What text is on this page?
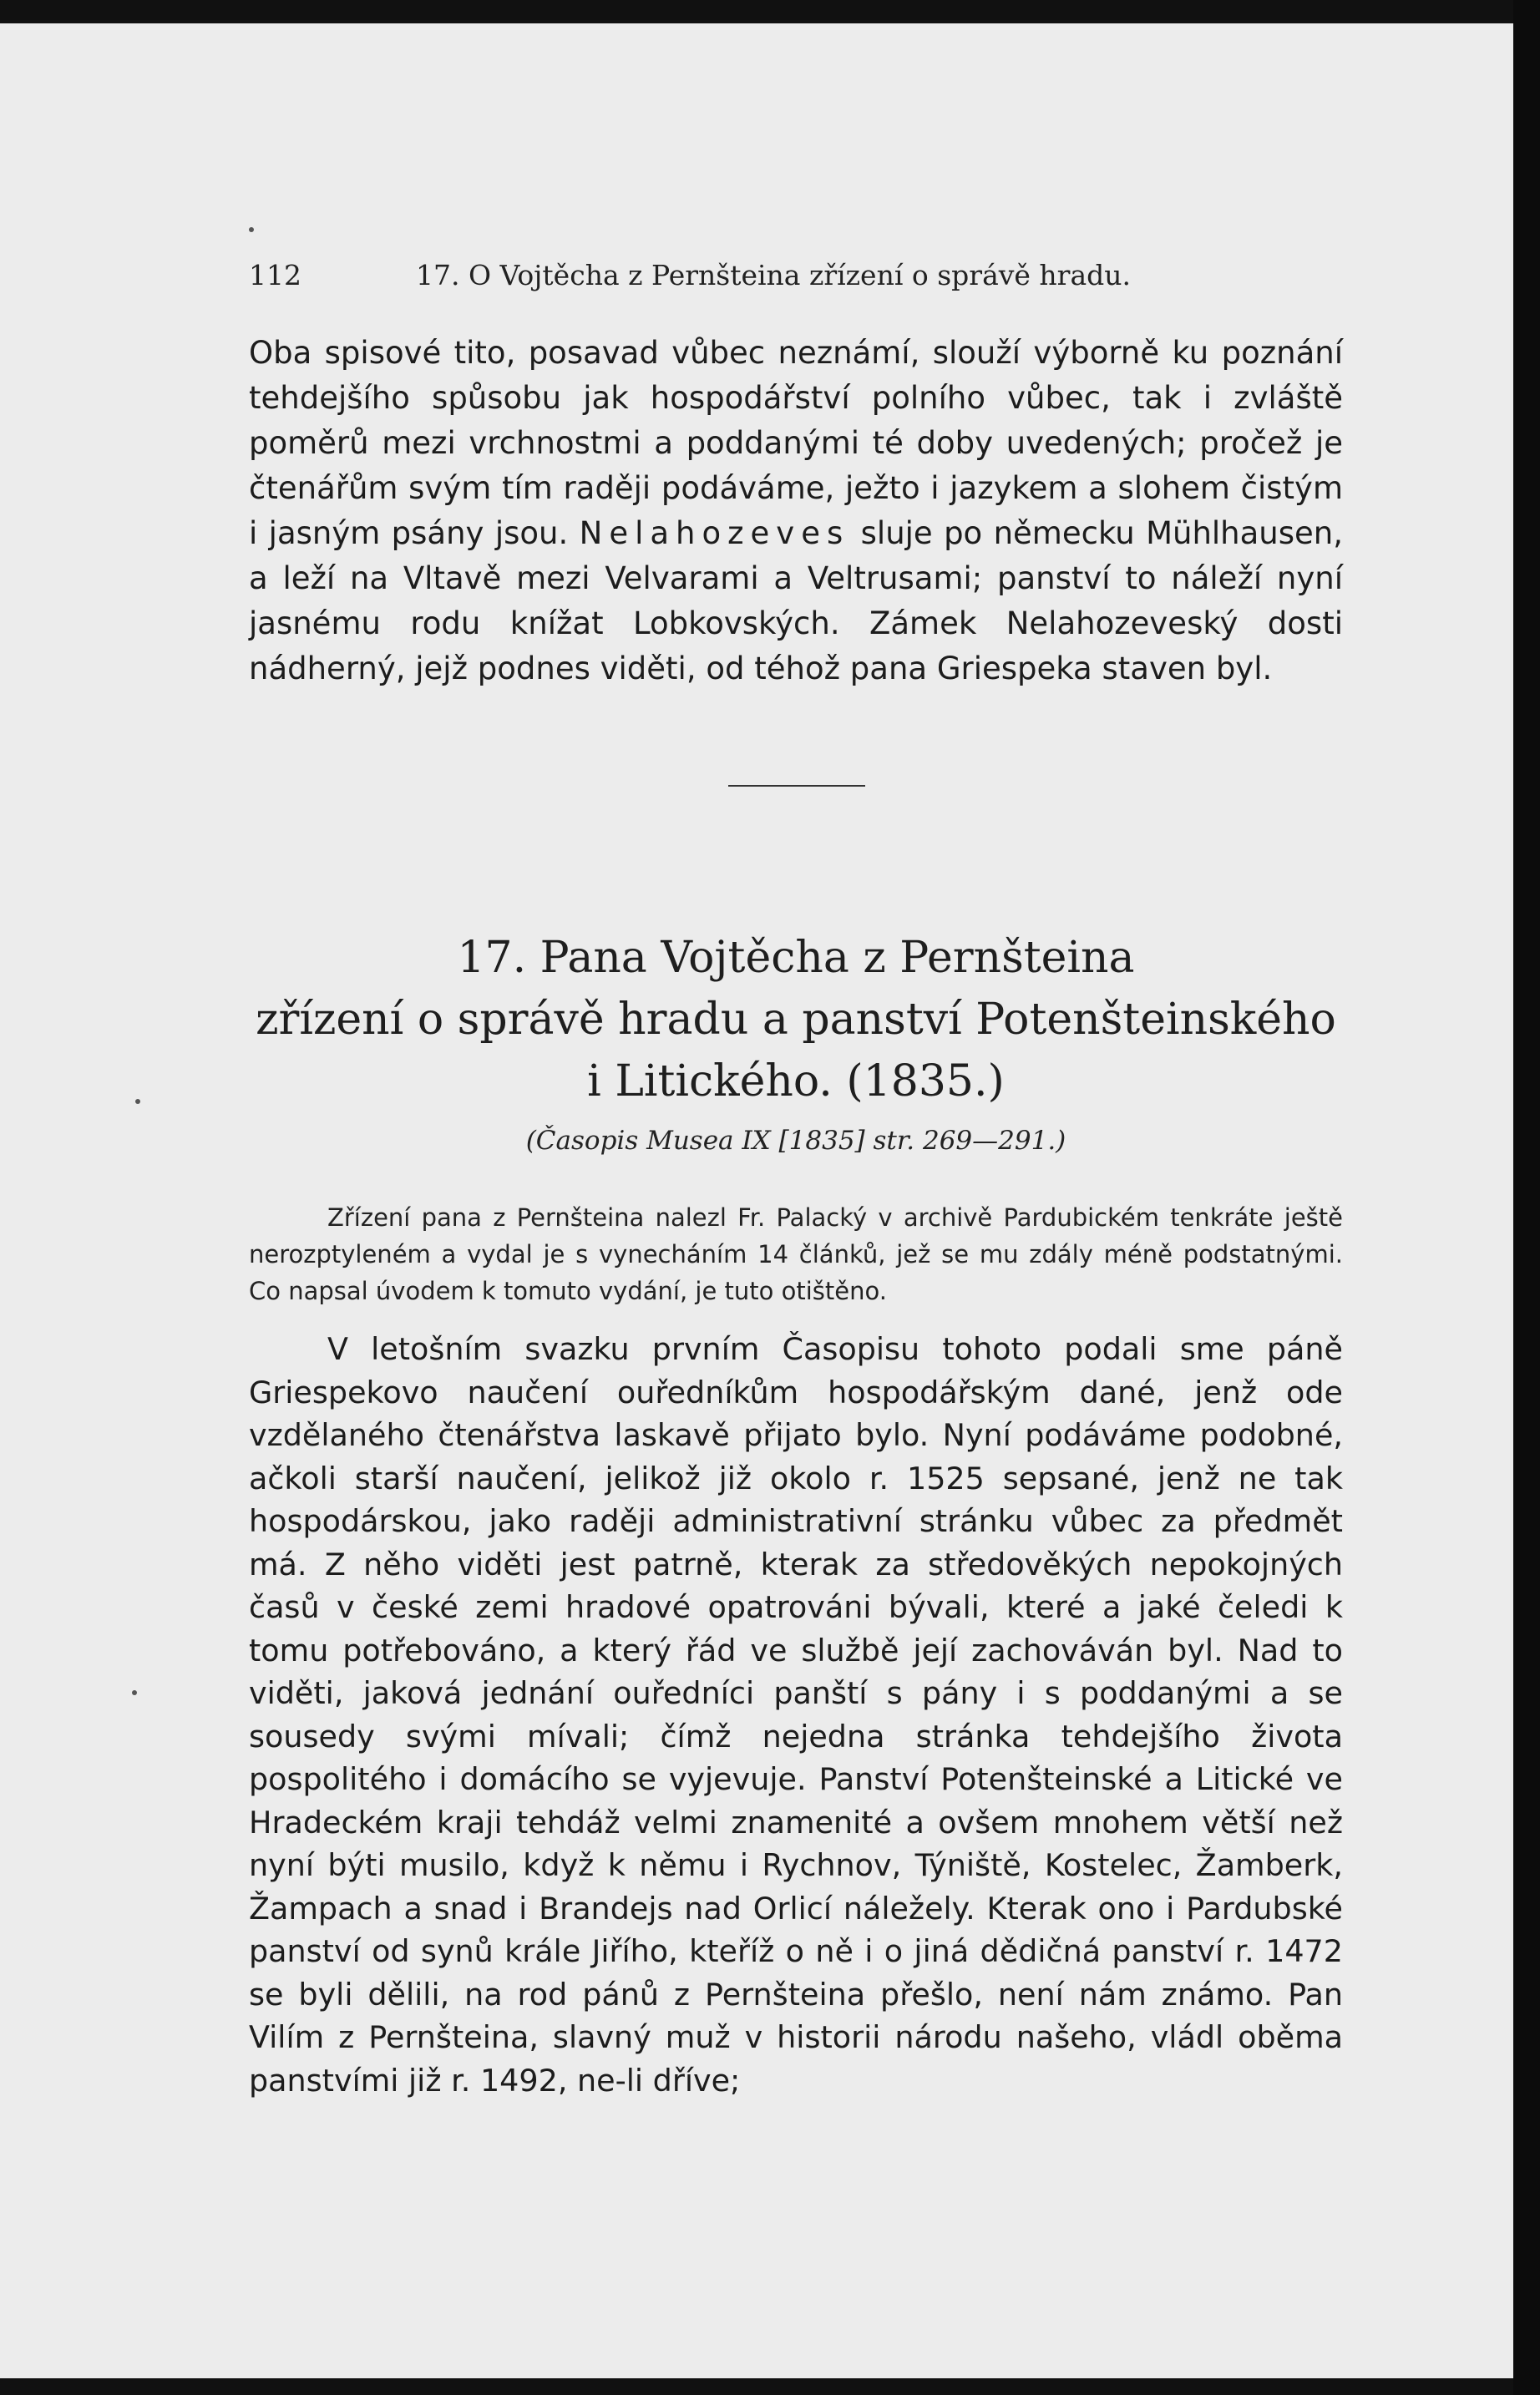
112	17. O Vojtěcha z Pernšteina zřízení o správě hradu.
Oba spisové tito, posavad vůbec neznámí, slouží výborně ku poznání tehdejšího spůsobu jak hospodářství polního vůbec, tak i zvláště poměrů mezi vrchnostmi a poddanými té doby uvedených; pročež je čtenářům svým tím raději podáváme, ježto i jazykem a slohem čistým i jasným psány jsou. Nelahozeves sluje po německu Mühlhausen, a leží na Vltavě mezi Velvarami a Veltrusami; panství to náleží nyní jasnému rodu knížat Lobkovských. Zámek Nelahozeveský dosti nádherný, jejž podnes viděti, od téhož pana Griespeka staven byl.
17. Pana Vojtěcha z Pernšteina
zřízení o správě hradu a panství Potenšteinského
i Litického. (1835.)
(Časopis Musea IX [1835] str. 269—291.)
Zřízení pana z Pernšteina nalezl Fr. Palacký v archivě Pardubickém tenkráte ještě nerozptyleném a vydal je s vynecháním 14 článků, jež se mu zdály méně podstatnými. Co napsal úvodem k tomuto vydání, je tuto otištěno.
V letošním svazku prvním Časopisu tohoto podali sme páně Griespekovo naučení ouředníkům hospodářským dané, jenž ode vzdělaného čtenářstva laskavě přijato bylo. Nyní podáváme podobné, ačkoli starší naučení, jelikož již okolo r. 1525 sepsané, jenž ne tak hospodárskou, jako raději administrativní stránku vůbec za předmět má. Z něho viděti jest patrně, kterak za středověkých nepokojných časů v české zemi hradové opatrováni bývali, které a jaké čeledi k tomu potřebováno, a který řád ve službě její zachováván byl. Nad to viděti, jaková jednání ouředníci panští s pány i s poddanými a se sousedy svými mívali; čímž nejedna stránka tehdejšího života pospolitého i domácího se vyjevuje. Panství Potenšteinské a Litické ve Hradeckém kraji tehdáž velmi znamenité a ovšem mnohem větší než nyní býti musilo, když k němu i Rychnov, Týniště, Kostelec, Žamberk, Žampach a snad i Brandejs nad Orlicí náležely. Kterak ono i Pardubské panství od synů krále Jiřího, kteříž o ně i o jiná dědičná panství r. 1472 se byli dělili, na rod pánů z Pernšteina přešlo, není nám známo. Pan Vilím z Pernšteina, slavný muž v historii národu našeho, vládl oběma panstvími již r. 1492, ne-li dříve;
